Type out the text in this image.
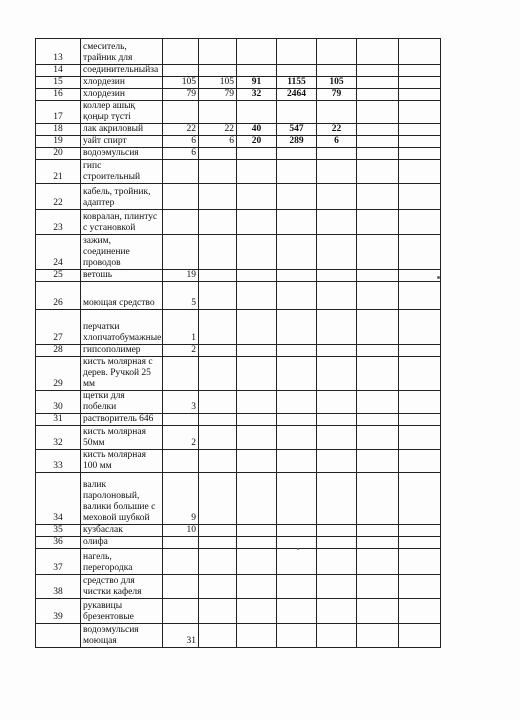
13	смеситель, трайник для							
14	соединительныйза							
15	хлордезин	105	105	91	1155	105		
16	хлордезин	79	79	32	2464	79		
17	коллер ашық қоңыр түсті							
18	лак акриловый	22	22	40	547	22		
19	уайт спирт	6	6	20	289	6		
20	водоэмульсия	6						
21	гипс строительный							
22	кабель, тройник, адаптер							
23	ковралан, плинтус с установкой							
24	зажим, соединение проводов							
25	ветошь	19						
26	моющая средство	5						
27	перчатки хлопчатобумажные	1						
28	гипсополимер	2						
29	кисть молярная с дерев. Ручкой 25 мм							
30	щетки для побелки	3						
31	растворитель 646							
32	кисть молярная 50мм	2						
33	кисть молярная 100 мм							
34	валик паролоновый, валики большие с меховой шубкой	9						
35	кузбаслак	10						
36	олифа							
37	нагель, перегородка							
38	средство для чистки кафеля							
39	рукавицы брезентовые							
	водоэмульсия моющая	31						
